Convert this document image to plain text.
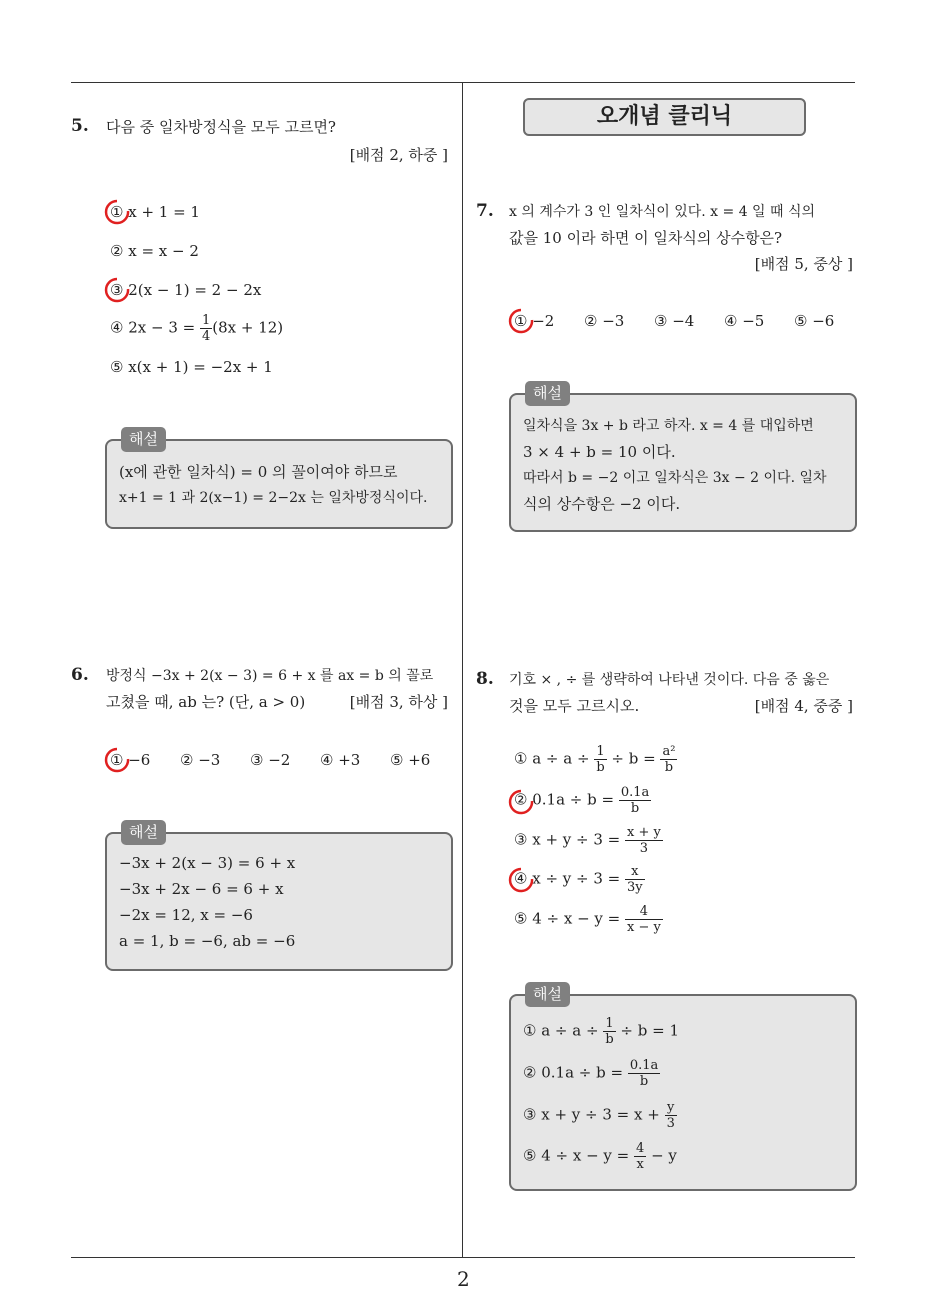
오개념 클리닉
5. 다음 중 일차방정식을 모두 고르면?
[배점 2, 하중 ]
① x + 1 = 1
② x = x − 2
③ 2(x − 1) = 2 − 2x
④ $2x - 3 = \frac{1}{4} (8x + 12)$
⑤ x(x + 1) = −2x + 1
해설
(x에 관한 일차식) = 0 의 꼴이여야 하므로
x+1 = 1 과 2(x−1) = 2−2x 는 일차방정식이다.
6. 방정식 −3x + 2(x − 3) = 6 + x 를 ax = b 의 꼴로
고쳤을 때, ab 는? (단, a > 0)	[배점 3, 하상 ]
① −6 ② −3 ③ −2 ④ +3 ⑤ +6
해설
−3x + 2(x − 3) = 6 + x
−3x + 2x − 6 = 6 + x
−2x = 12, x = −6
a = 1, b = −6, ab = −6
7. x 의 계수가 3 인 일차식이 있다. x = 4 일 때 식의
값을 10 이라 하면 이 일차식의 상수항은?
[배점 5, 중상 ]
① −2 ② −3 ③ −4 ④ −5 ⑤ −6
해설
일차식을 3x + b 라고 하자. x = 4 를 대입하면
3 × 4 + b = 10 이다.
따라서 b = −2 이고 일차식은 3x − 2 이다. 일차
식의 상수항은 −2 이다.
8. 기호 × , ÷ 를 생략하여 나타낸 것이다. 다음 중 옳은
것을 모두 고르시오.	[배점 4, 중중 ]
① $a \div a \div \frac{1}{b} \div b = \frac{\text{a²}}{b}$
② $0.1a \div b = \frac{0.1a}{b}$
③ $x + y \div 3 = \frac{x + y}{3}$
④ $x \div y \div 3 = \frac{x}{3y}$
⑤ $4 \div x - y = \frac{4}{x - y}$
해설
① $a \div a \div \frac{1}{b} \div b = 1$
② $0.1a \div b = \frac{0.1a}{b}$
③ $x + y \div 3 = x + \frac{y}{3}$
⑤ $4 \div x - y = \frac{4}{x} - y$
2
